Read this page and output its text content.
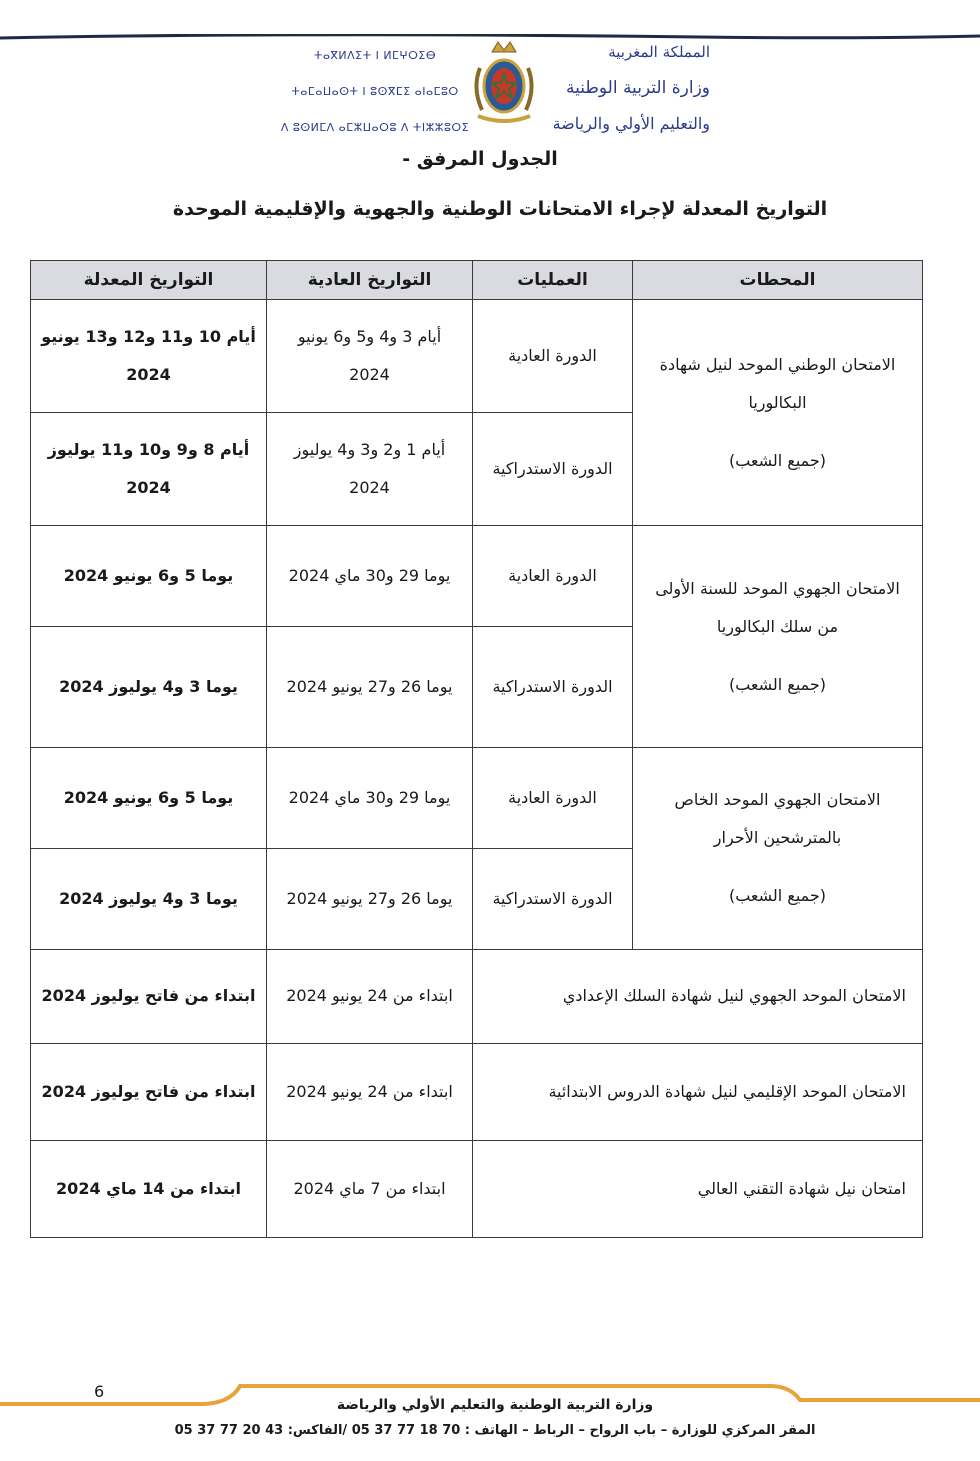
المملكة المغربية
وزارة التربية الوطنية
والتعليم الأولي والرياضة
ⵜⴰⴳⵍⴷⵉⵜ ⵏ ⵍⵎⵖⵔⵉⴱ
ⵜⴰⵎⴰⵡⴰⵙⵜ ⵏ ⵓⵙⴳⵎⵉ ⴰⵏⴰⵎⵓⵔ
ⴷ ⵓⵙⵍⵎⴷ ⴰⵎⵣⵡⴰⵔⵓ ⴷ ⵜⵏⵣⵣⵓⵔⵉ
الجدول المرفق -
التواريخ المعدلة لإجراء الامتحانات الوطنية والجهوية والإقليمية الموحدة
المحطات	العمليات	التواريخ العادية	التواريخ المعدلة

الامتحان الوطني الموحد لنيل شهادة البكالوريا
(جميع الشعب)	الدورة العادية	أيام 3 و4 و5 و6 يونيو 2024	أيام 10 و11 و12 و13 يونيو 2024
	الدورة الاستدراكية	أيام 1 و2 و3 و4 يوليوز 2024	أيام 8 و9 و10 و11 يوليوز 2024

الامتحان الجهوي الموحد للسنة الأولى من سلك البكالوريا
(جميع الشعب)	الدورة العادية	يوما 29 و30 ماي 2024	يوما 5 و6 يونيو 2024
	الدورة الاستدراكية	يوما 26 و27 يونيو 2024	يوما 3 و4 يوليوز 2024

الامتحان الجهوي الموحد الخاص بالمترشحين الأحرار
(جميع الشعب)	الدورة العادية	يوما 29 و30 ماي 2024	يوما 5 و6 يونيو 2024
	الدورة الاستدراكية	يوما 26 و27 يونيو 2024	يوما 3 و4 يوليوز 2024
الامتحان الموحد الجهوي لنيل شهادة السلك الإعدادي		ابتداء من 24 يونيو 2024	ابتداء من فاتح يوليوز 2024
الامتحان الموحد الإقليمي لنيل شهادة الدروس الابتدائية		ابتداء من 24 يونيو 2024	ابتداء من فاتح يوليوز 2024
امتحان نيل شهادة التقني العالي		ابتداء من 7 ماي 2024	ابتداء من 14 ماي 2024
6
وزارة التربية الوطنية والتعليم الأولي والرياضة
المقر المركزي للوزارة – باب الرواح – الرباط – الهاتف : 70 18 77 37 05 /الفاكس: 43 20 77 37 05
